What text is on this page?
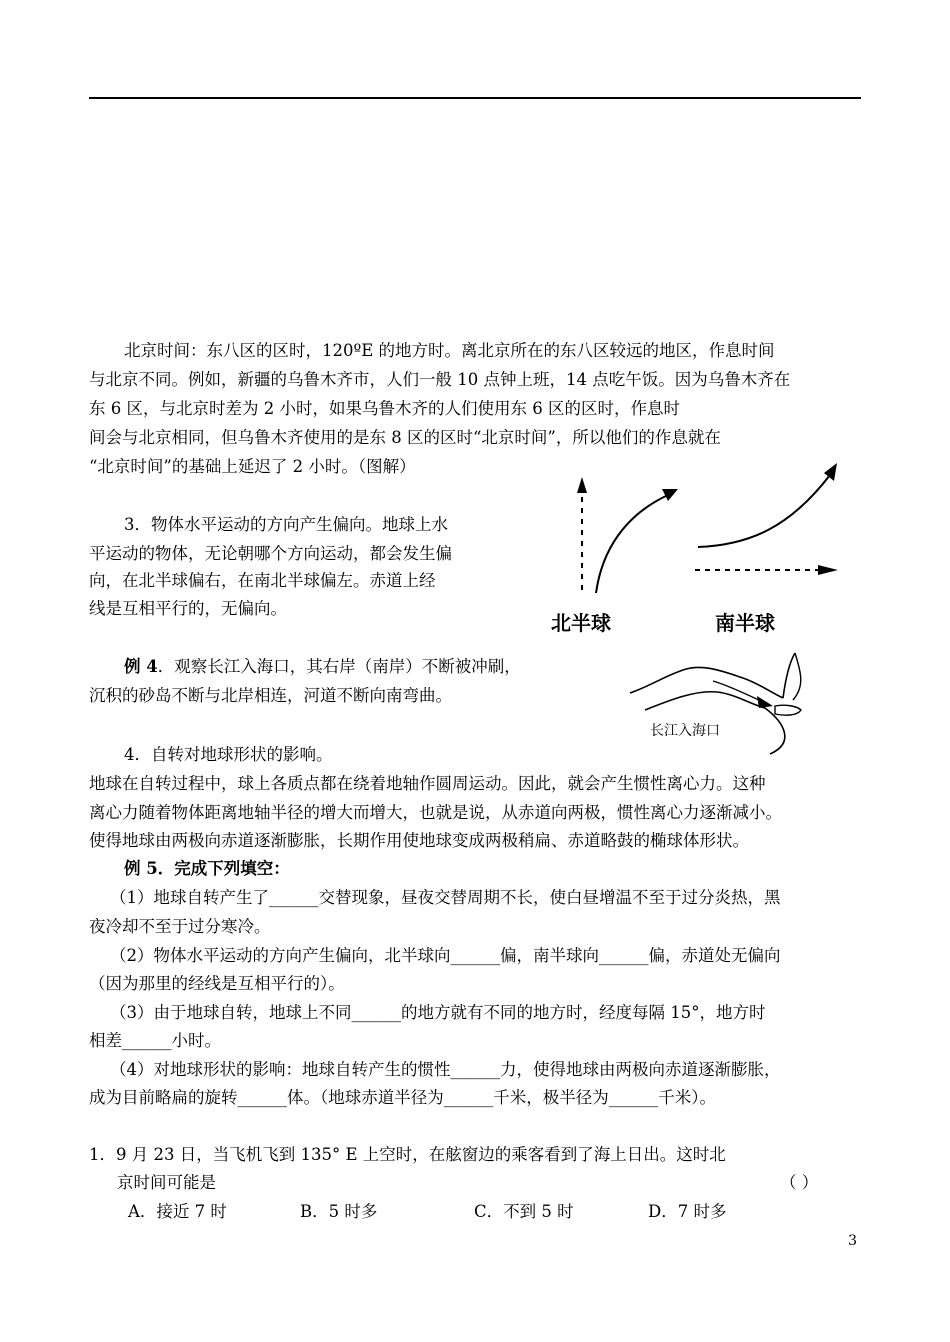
北京时间：东八区的区时，120ºE 的地方时。离北京所在的东八区较远的地区，作息时间
与北京不同。例如，新疆的乌鲁木齐市，人们一般 10 点钟上班，14 点吃午饭。因为乌鲁木齐在
东 6 区，与北京时差为 2 小时，如果乌鲁木齐的人们使用东 6 区的区时，作息时
间会与北京相同，但乌鲁木齐使用的是东 8 区的区时“北京时间”，所以他们的作息就在
“北京时间”的基础上延迟了 2 小时。（图解）
3．物体水平运动的方向产生偏向。地球上水
平运动的物体，无论朝哪个方向运动，都会发生偏
向，在北半球偏右，在南北半球偏左。赤道上经
线是互相平行的，无偏向。
北半球	南半球
例 4．观察长江入海口，其右岸（南岸）不断被冲刷，
沉积的砂岛不断与北岸相连，河道不断向南弯曲。
长江入海口
4．自转对地球形状的影响。
地球在自转过程中，球上各质点都在绕着地轴作圆周运动。因此，就会产生惯性离心力。这种
离心力随着物体距离地轴半径的增大而增大，也就是说，从赤道向两极，惯性离心力逐渐减小。
使得地球由两极向赤道逐渐膨胀，长期作用使地球变成两极稍扁、赤道略鼓的椭球体形状。
例 5．完成下列填空：
（1）地球自转产生了______交替现象，昼夜交替周期不长，使白昼增温不至于过分炎热，黑
夜冷却不至于过分寒冷。
（2）物体水平运动的方向产生偏向，北半球向______偏，南半球向______偏，赤道处无偏向
（因为那里的经线是互相平行的）。
（3）由于地球自转，地球上不同______的地方就有不同的地方时，经度每隔 15°，地方时
相差______小时。
（4）对地球形状的影响：地球自转产生的惯性______力，使得地球由两极向赤道逐渐膨胀，
成为目前略扁的旋转______体。（地球赤道半径为______千米，极半径为______千米）。
1．9 月 23 日，当飞机飞到 135° E 上空时，在舷窗边的乘客看到了海上日出。这时北
京时间可能是	（ ）
A．接近 7 时	B．5 时多	C．不到 5 时	D．7 时多
3
